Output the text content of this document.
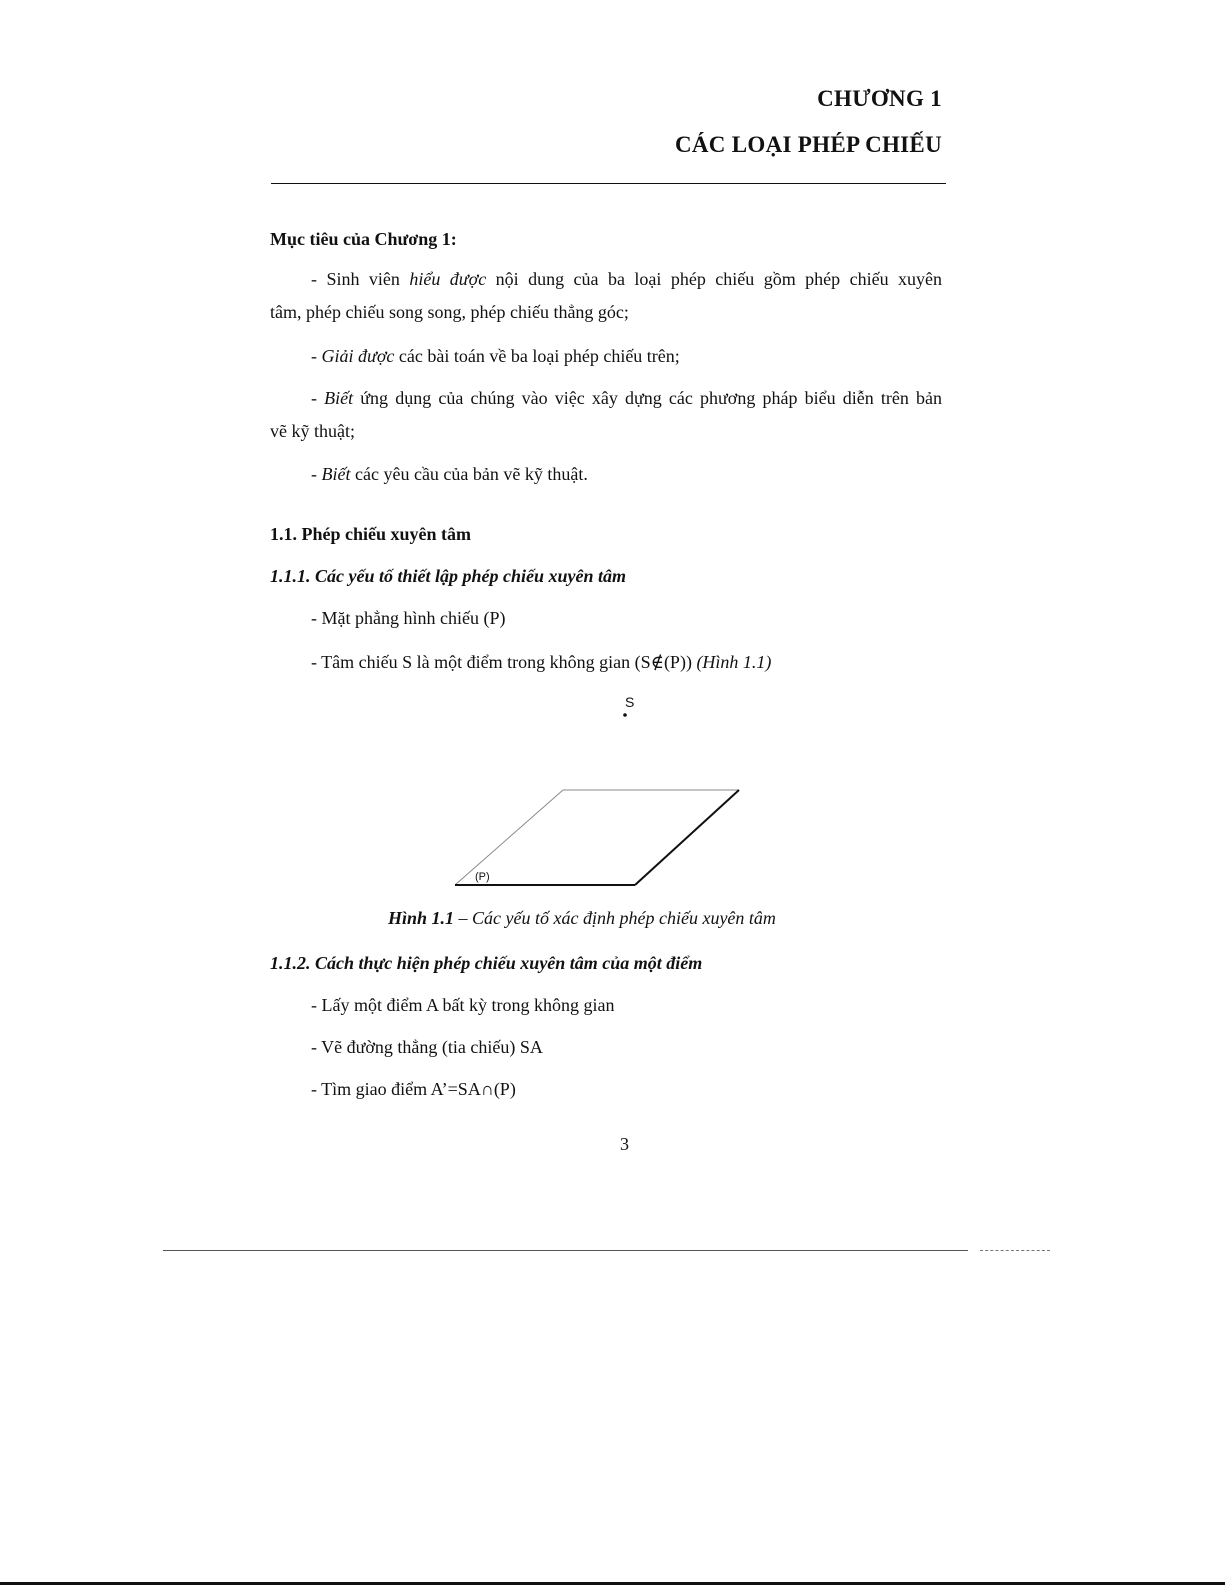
CHƯƠNG 1
CÁC LOẠI PHÉP CHIẾU
Mục tiêu của Chương 1:
- Sinh viên hiểu được nội dung của ba loại phép chiếu gồm phép chiếu xuyên
tâm, phép chiếu song song, phép chiếu thẳng góc;
- Giải được các bài toán về ba loại phép chiếu trên;
- Biết ứng dụng của chúng vào việc xây dựng các phương pháp biểu diễn trên bản
vẽ kỹ thuật;
- Biết các yêu cầu của bản vẽ kỹ thuật.
1.1. Phép chiếu xuyên tâm
1.1.1. Các yếu tố thiết lập phép chiếu xuyên tâm
- Mặt phẳng hình chiếu (P)
- Tâm chiếu S là một điểm trong không gian (S∉(P)) (Hình 1.1)
S
(P)
Hình 1.1 – Các yếu tố xác định phép chiếu xuyên tâm
1.1.2. Cách thực hiện phép chiếu xuyên tâm của một điểm
- Lấy một điểm A bất kỳ trong không gian
- Vẽ đường thẳng (tia chiếu) SA
- Tìm giao điểm A’=SA∩(P)
3
